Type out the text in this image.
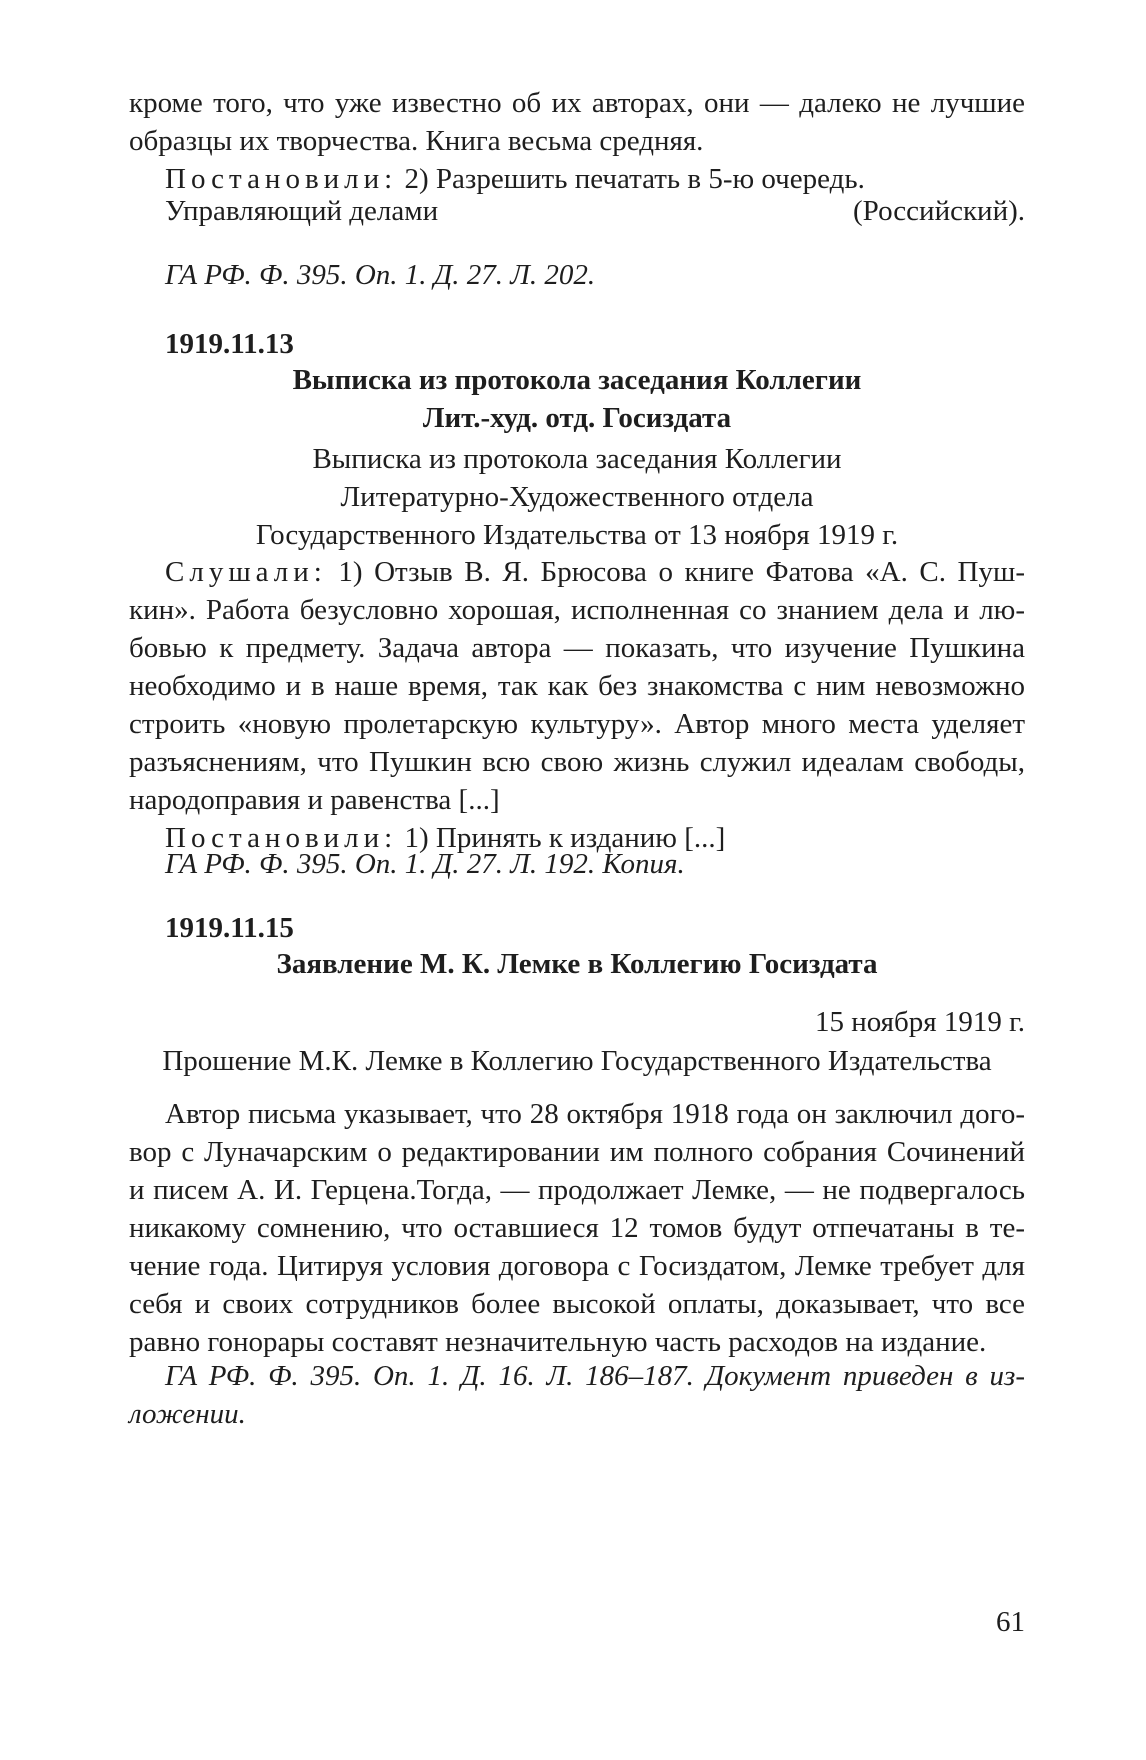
кроме того, что уже известно об их авторах, они — далеко не лучшие

образцы их творчества. Книга весьма средняя.

Постановили: 2) Разрешить печатать в 5-ю очередь.

Управляющий делами	(Российский).

ГА РФ. Ф. 395. Оп. 1. Д. 27. Л. 202.

1919.11.13
Выписка из протокола заседания Коллегии
Лит.-худ. отд. Госиздата
Выписка из протокола заседания Коллегии
Литературно-Художественного отдела
Государственного Издательства от 13 ноября 1919 г.

Слушали: 1) Отзыв В. Я. Брюсова о книге Фатова «А. С. Пуш-

кин». Работа безусловно хорошая, исполненная со знанием дела и лю-

бовью к предмету. Задача автора — показать, что изучение Пушкина

необходимо и в наше время, так как без знакомства с ним невозможно

строить «новую пролетарскую культуру». Автор много места уделяет

разъяснениям, что Пушкин всю свою жизнь служил идеалам свободы,

народоправия и равенства [...]

Постановили: 1) Принять к изданию [...]

ГА РФ. Ф. 395. Оп. 1. Д. 27. Л. 192. Копия.

1919.11.15
Заявление М. К. Лемке в Коллегию Госиздата
15 ноября 1919 г.
Прошение М.К. Лемке в Коллегию Государственного Издательства

Автор письма указывает, что 28 октября 1918 года он заключил дого-

вор с Луначарским о редактировании им полного собрания Сочинений

и писем А. И. Герцена.Тогда, — продолжает Лемке, — не подвергалось

никакому сомнению, что оставшиеся 12 томов будут отпечатаны в те-

чение года. Цитируя условия договора с Госиздатом, Лемке требует для

себя и своих сотрудников более высокой оплаты, доказывает, что все

равно гонорары составят незначительную часть расходов на издание.

ГА РФ. Ф. 395. Оп. 1. Д. 16. Л. 186–187. Документ приведен в из-

ложении.

61
